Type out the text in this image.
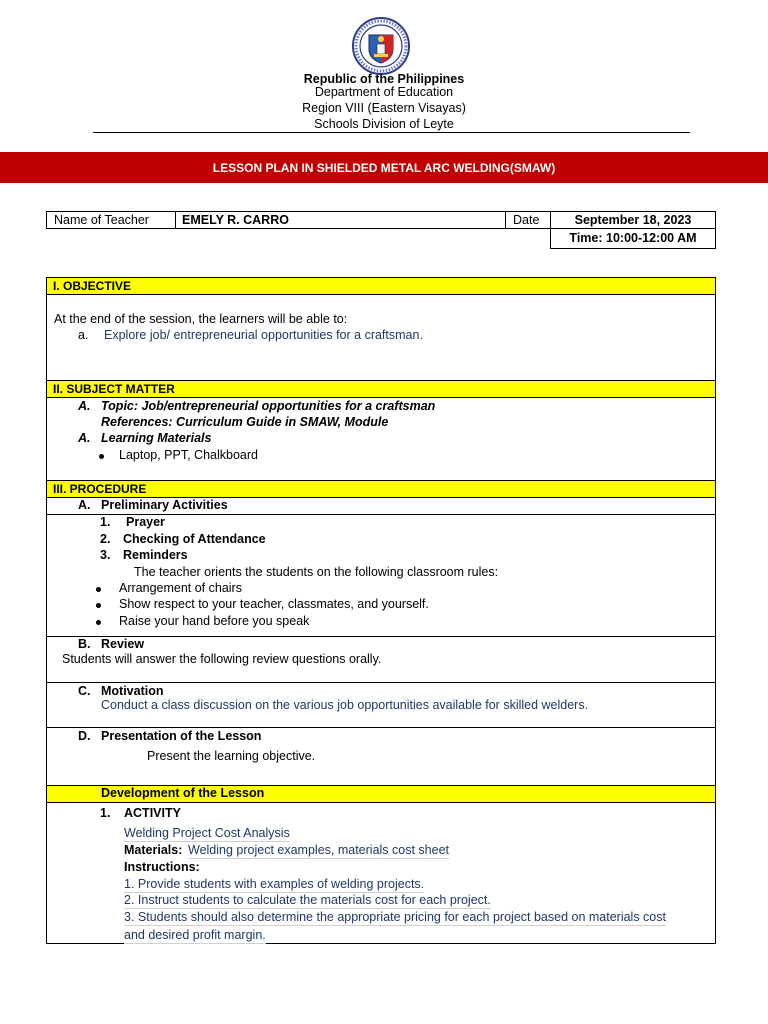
Republic of the Philippines
Department of Education
Region VIII (Eastern Visayas)
Schools Division of Leyte
LESSON PLAN IN SHIELDED METAL ARC WELDING(SMAW)
Name of Teacher	EMELY R. CARRO	Date	September 18, 2023
Time: 10:00-12:00 AM
I. OBJECTIVE
At the end of the session, the learners will be able to:
a. Explore job/ entrepreneurial opportunities for a craftsman.
II. SUBJECT MATTER
A. Topic: Job/entrepreneurial opportunities for a craftsman
References: Curriculum Guide in SMAW, Module
A. Learning Materials
Laptop, PPT, Chalkboard
III. PROCEDURE
A. Preliminary Activities
1. Prayer
2. Checking of Attendance
3. Reminders
The teacher orients the students on the following classroom rules:
Arrangement of chairs
Show respect to your teacher, classmates, and yourself.
Raise your hand before you speak
B. Review
Students will answer the following review questions orally.
C. Motivation
Conduct a class discussion on the various job opportunities available for skilled welders.
D. Presentation of the Lesson
Present the learning objective.
Development of the Lesson
1. ACTIVITY
Welding Project Cost Analysis
Materials: Welding project examples, materials cost sheet
Instructions:
1. Provide students with examples of welding projects.
2. Instruct students to calculate the materials cost for each project.
3. Students should also determine the appropriate pricing for each project based on materials cost
and desired profit margin.
